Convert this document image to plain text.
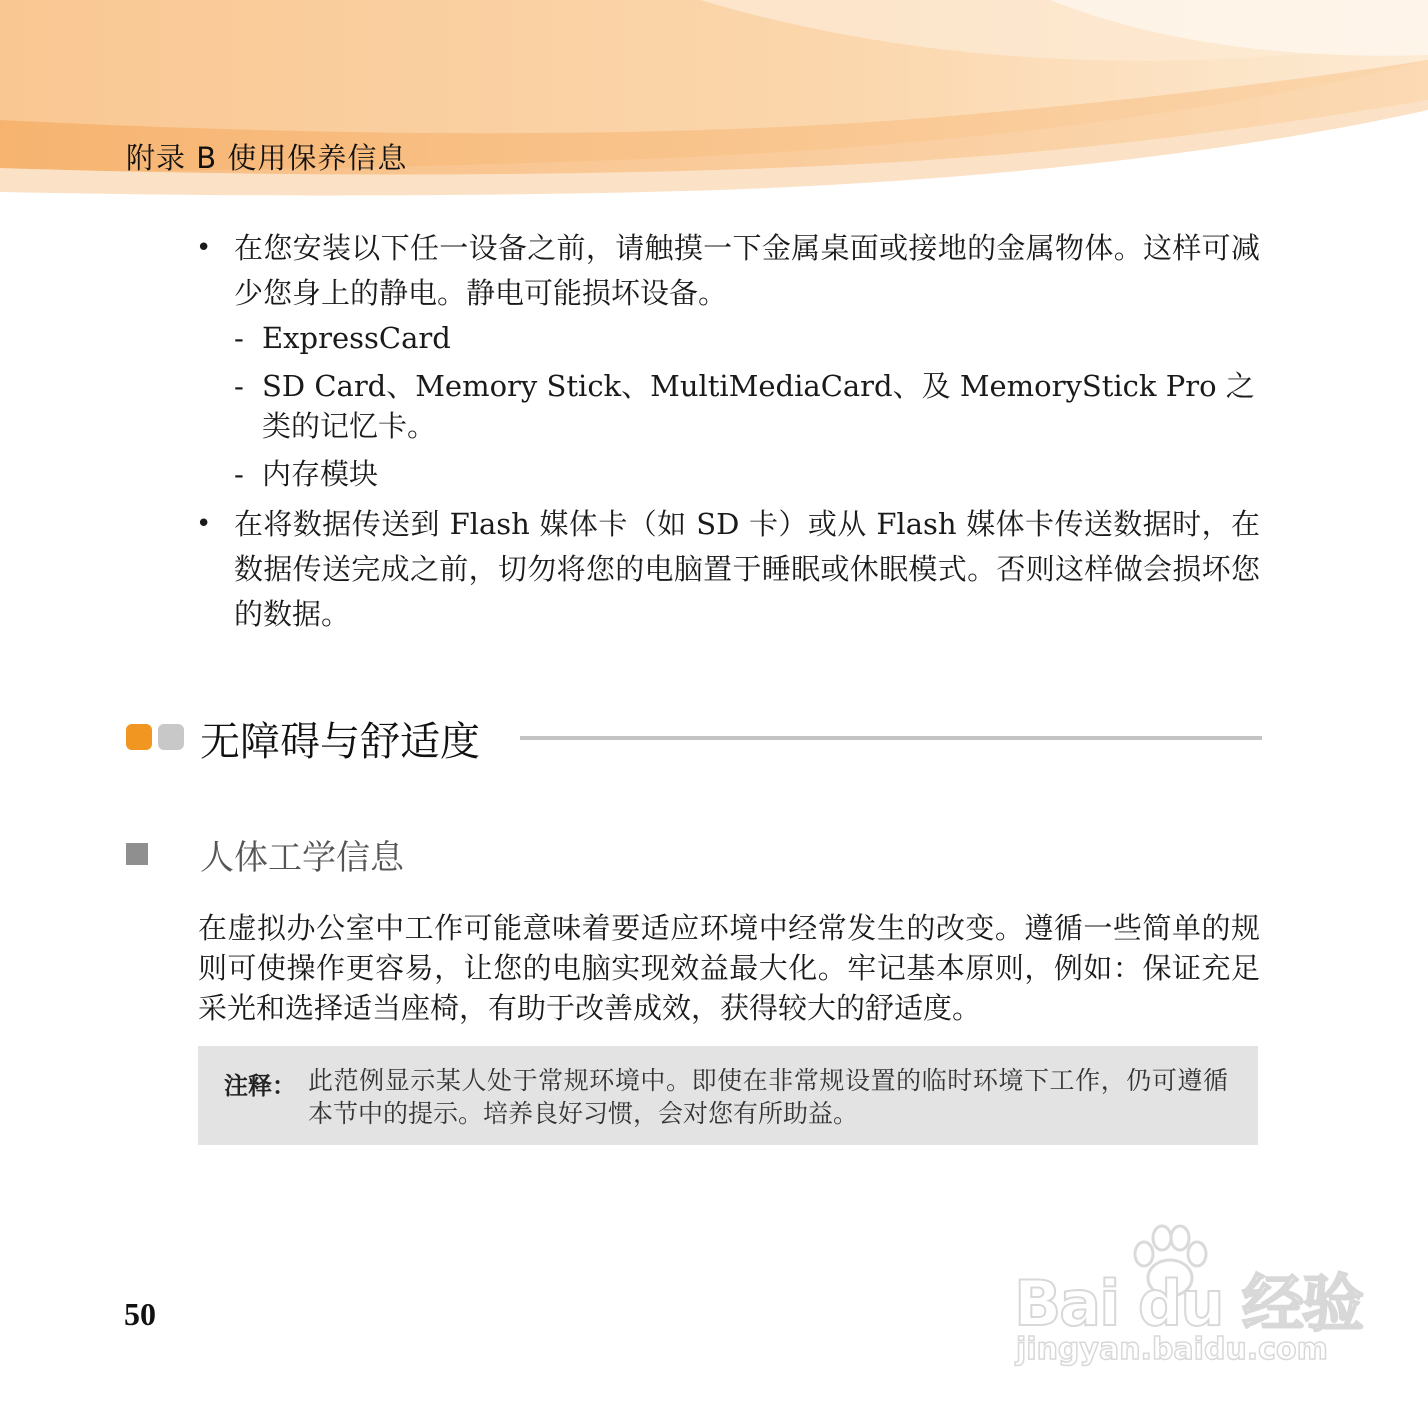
附录 B 使用保养信息
• 在您安装以下任一设备之前，请触摸一下金属桌面或接地的金属物体。这样可减少您身上的静电。静电可能损坏设备。
- ExpressCard
- SD Card、Memory Stick、MultiMediaCard、及 MemoryStick Pro 之类的记忆卡。
- 内存模块
• 在将数据传送到 Flash 媒体卡（如 SD 卡）或从 Flash 媒体卡传送数据时，在数据传送完成之前，切勿将您的电脑置于睡眠或休眠模式。否则这样做会损坏您的数据。
无障碍与舒适度
人体工学信息
在虚拟办公室中工作可能意味着要适应环境中经常发生的改变。遵循一些简单的规则可使操作更容易，让您的电脑实现效益最大化。牢记基本原则，例如：保证充足采光和选择适当座椅，有助于改善成效，获得较大的舒适度。
注释： 此范例显示某人处于常规环境中。即使在非常规设置的临时环境下工作，仍可遵循本节中的提示。培养良好习惯，会对您有所助益。
50	Bai du 经验
jingyan.baidu.com
